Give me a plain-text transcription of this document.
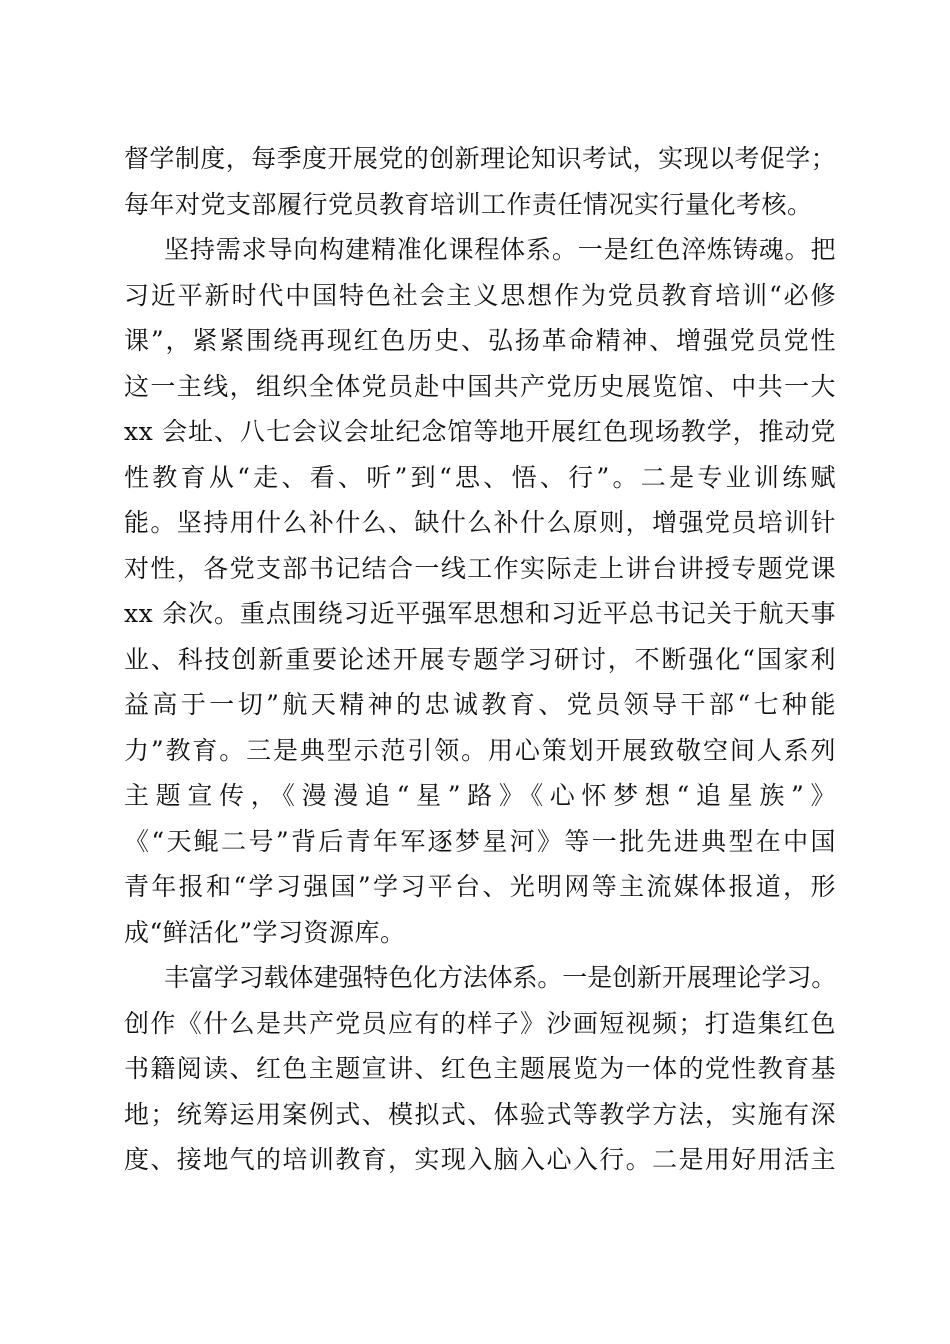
督学制度，每季度开展党的创新理论知识考试，实现以考促学；
每年对党支部履行党员教育培训工作责任情况实行量化考核。
坚持需求导向构建精准化课程体系。一是红色淬炼铸魂。把
习近平新时代中国特色社会主义思想作为党员教育培训“必修
课”，紧紧围绕再现红色历史、弘扬革命精神、增强党员党性
这一主线，组织全体党员赴中国共产党历史展览馆、中共一大
xx 会址、八七会议会址纪念馆等地开展红色现场教学，推动党
性教育从“走、看、听”到“思、悟、行”。二是专业训练赋
能。坚持用什么补什么、缺什么补什么原则，增强党员培训针
对性，各党支部书记结合一线工作实际走上讲台讲授专题党课
xx 余次。重点围绕习近平强军思想和习近平总书记关于航天事
业、科技创新重要论述开展专题学习研讨，不断强化“国家利
益高于一切”航天精神的忠诚教育、党员领导干部“七种能
力”教育。三是典型示范引领。用心策划开展致敬空间人系列
主题宣传，《漫漫追“星”路》《心怀梦想“追星族”》
《“天鲲二号”背后青年军逐梦星河》等一批先进典型在中国
青年报和“学习强国”学习平台、光明网等主流媒体报道，形
成“鲜活化”学习资源库。
丰富学习载体建强特色化方法体系。一是创新开展理论学习。
创作《什么是共产党员应有的样子》沙画短视频；打造集红色
书籍阅读、红色主题宣讲、红色主题展览为一体的党性教育基
地；统筹运用案例式、模拟式、体验式等教学方法，实施有深
度、接地气的培训教育，实现入脑入心入行。二是用好用活主
